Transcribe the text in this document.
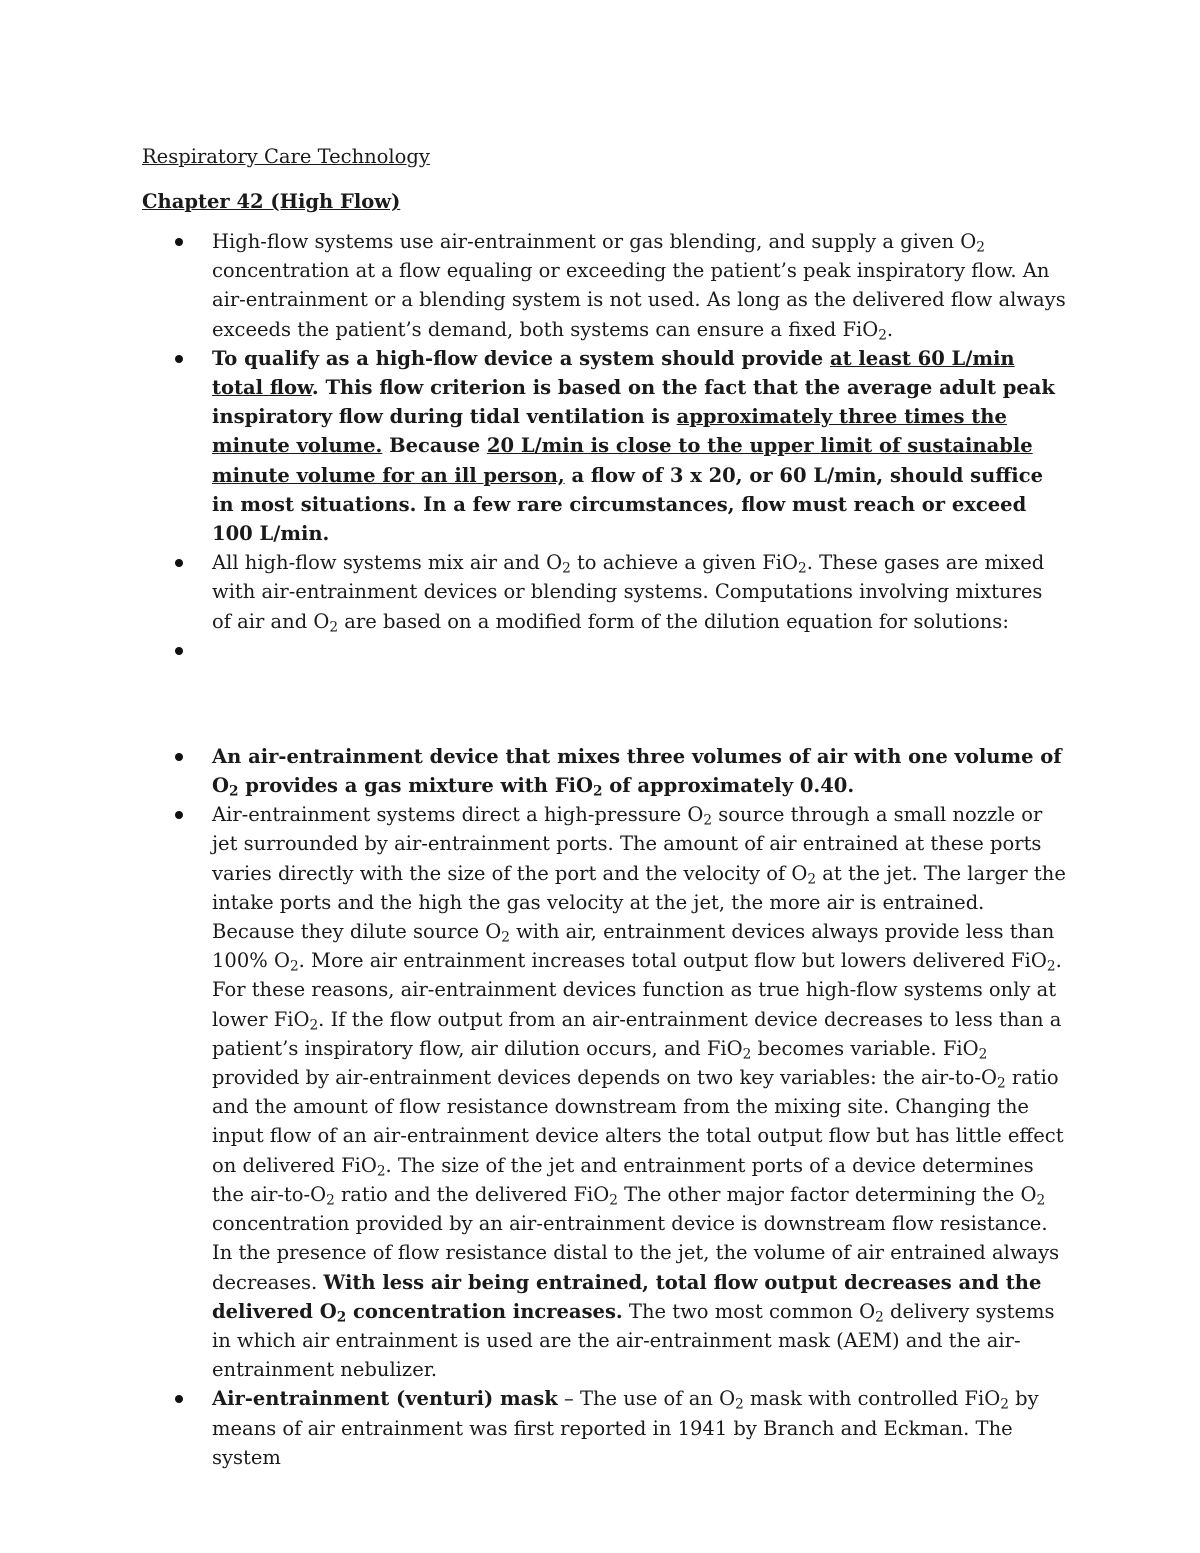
Respiratory Care Technology
Chapter 42 (High Flow)
High-flow systems use air-entrainment or gas blending, and supply a given $O_2$ concentration at a flow equaling or exceeding the patient’s peak inspiratory flow. An air-entrainment or a blending system is not used. As long as the delivered flow always exceeds the patient’s demand, both systems can ensure a fixed FiO$_2$.
To qualify as a high-flow device a system should provide at least 60 L/min total flow. This flow criterion is based on the fact that the average adult peak inspiratory flow during tidal ventilation is approximately three times the minute volume. Because 20 L/min is close to the upper limit of sustainable minute volume for an ill person, a flow of 3 x 20, or 60 L/min, should suffice in most situations. In a few rare circumstances, flow must reach or exceed 100 L/min.
All high-flow systems mix air and $O_2$ to achieve a given FiO$_2$. These gases are mixed with air-entrainment devices or blending systems. Computations involving mixtures of air and $O_2$ are based on a modified form of the dilution equation for solutions:
An air-entrainment device that mixes three volumes of air with one volume of $O_2$ provides a gas mixture with FiO$_2$ of approximately 0.40.
Air-entrainment systems direct a high-pressure $O_2$ source through a small nozzle or jet surrounded by air-entrainment ports. The amount of air entrained at these ports varies directly with the size of the port and the velocity of $O_2$ at the jet. The larger the intake ports and the high the gas velocity at the jet, the more air is entrained. Because they dilute source $O_2$ with air, entrainment devices always provide less than 100% $O_2$. More air entrainment increases total output flow but lowers delivered FiO$_2$. For these reasons, air-entrainment devices function as true high-flow systems only at lower FiO$_2$. If the flow output from an air-entrainment device decreases to less than a patient’s inspiratory flow, air dilution occurs, and FiO$_2$ becomes variable. FiO$_2$ provided by air-entrainment devices depends on two key variables: the air-$to-O_2$ ratio and the amount of flow resistance downstream from the mixing site. Changing the input flow of an air-entrainment device alters the total output flow but has little effect on delivered FiO$_2$. The size of the jet and entrainment ports of a device determines the air-$to-O_2$ ratio and the delivered FiO$_2$ The other major factor determining the $O_2$ concentration provided by an air-entrainment device is downstream flow resistance. In the presence of flow resistance distal to the jet, the volume of air entrained always decreases. With less air being entrained, total flow output decreases and the delivered $O_2$ concentration increases. The two most common $O_2$ delivery systems in which air entrainment is used are the air-entrainment mask (AEM) and the air-entrainment nebulizer.
Air-entrainment (venturi) mask – The use of an $O_2$ mask with controlled FiO$_2$ by means of air entrainment was first reported in 1941 by Branch and Eckman. The system
